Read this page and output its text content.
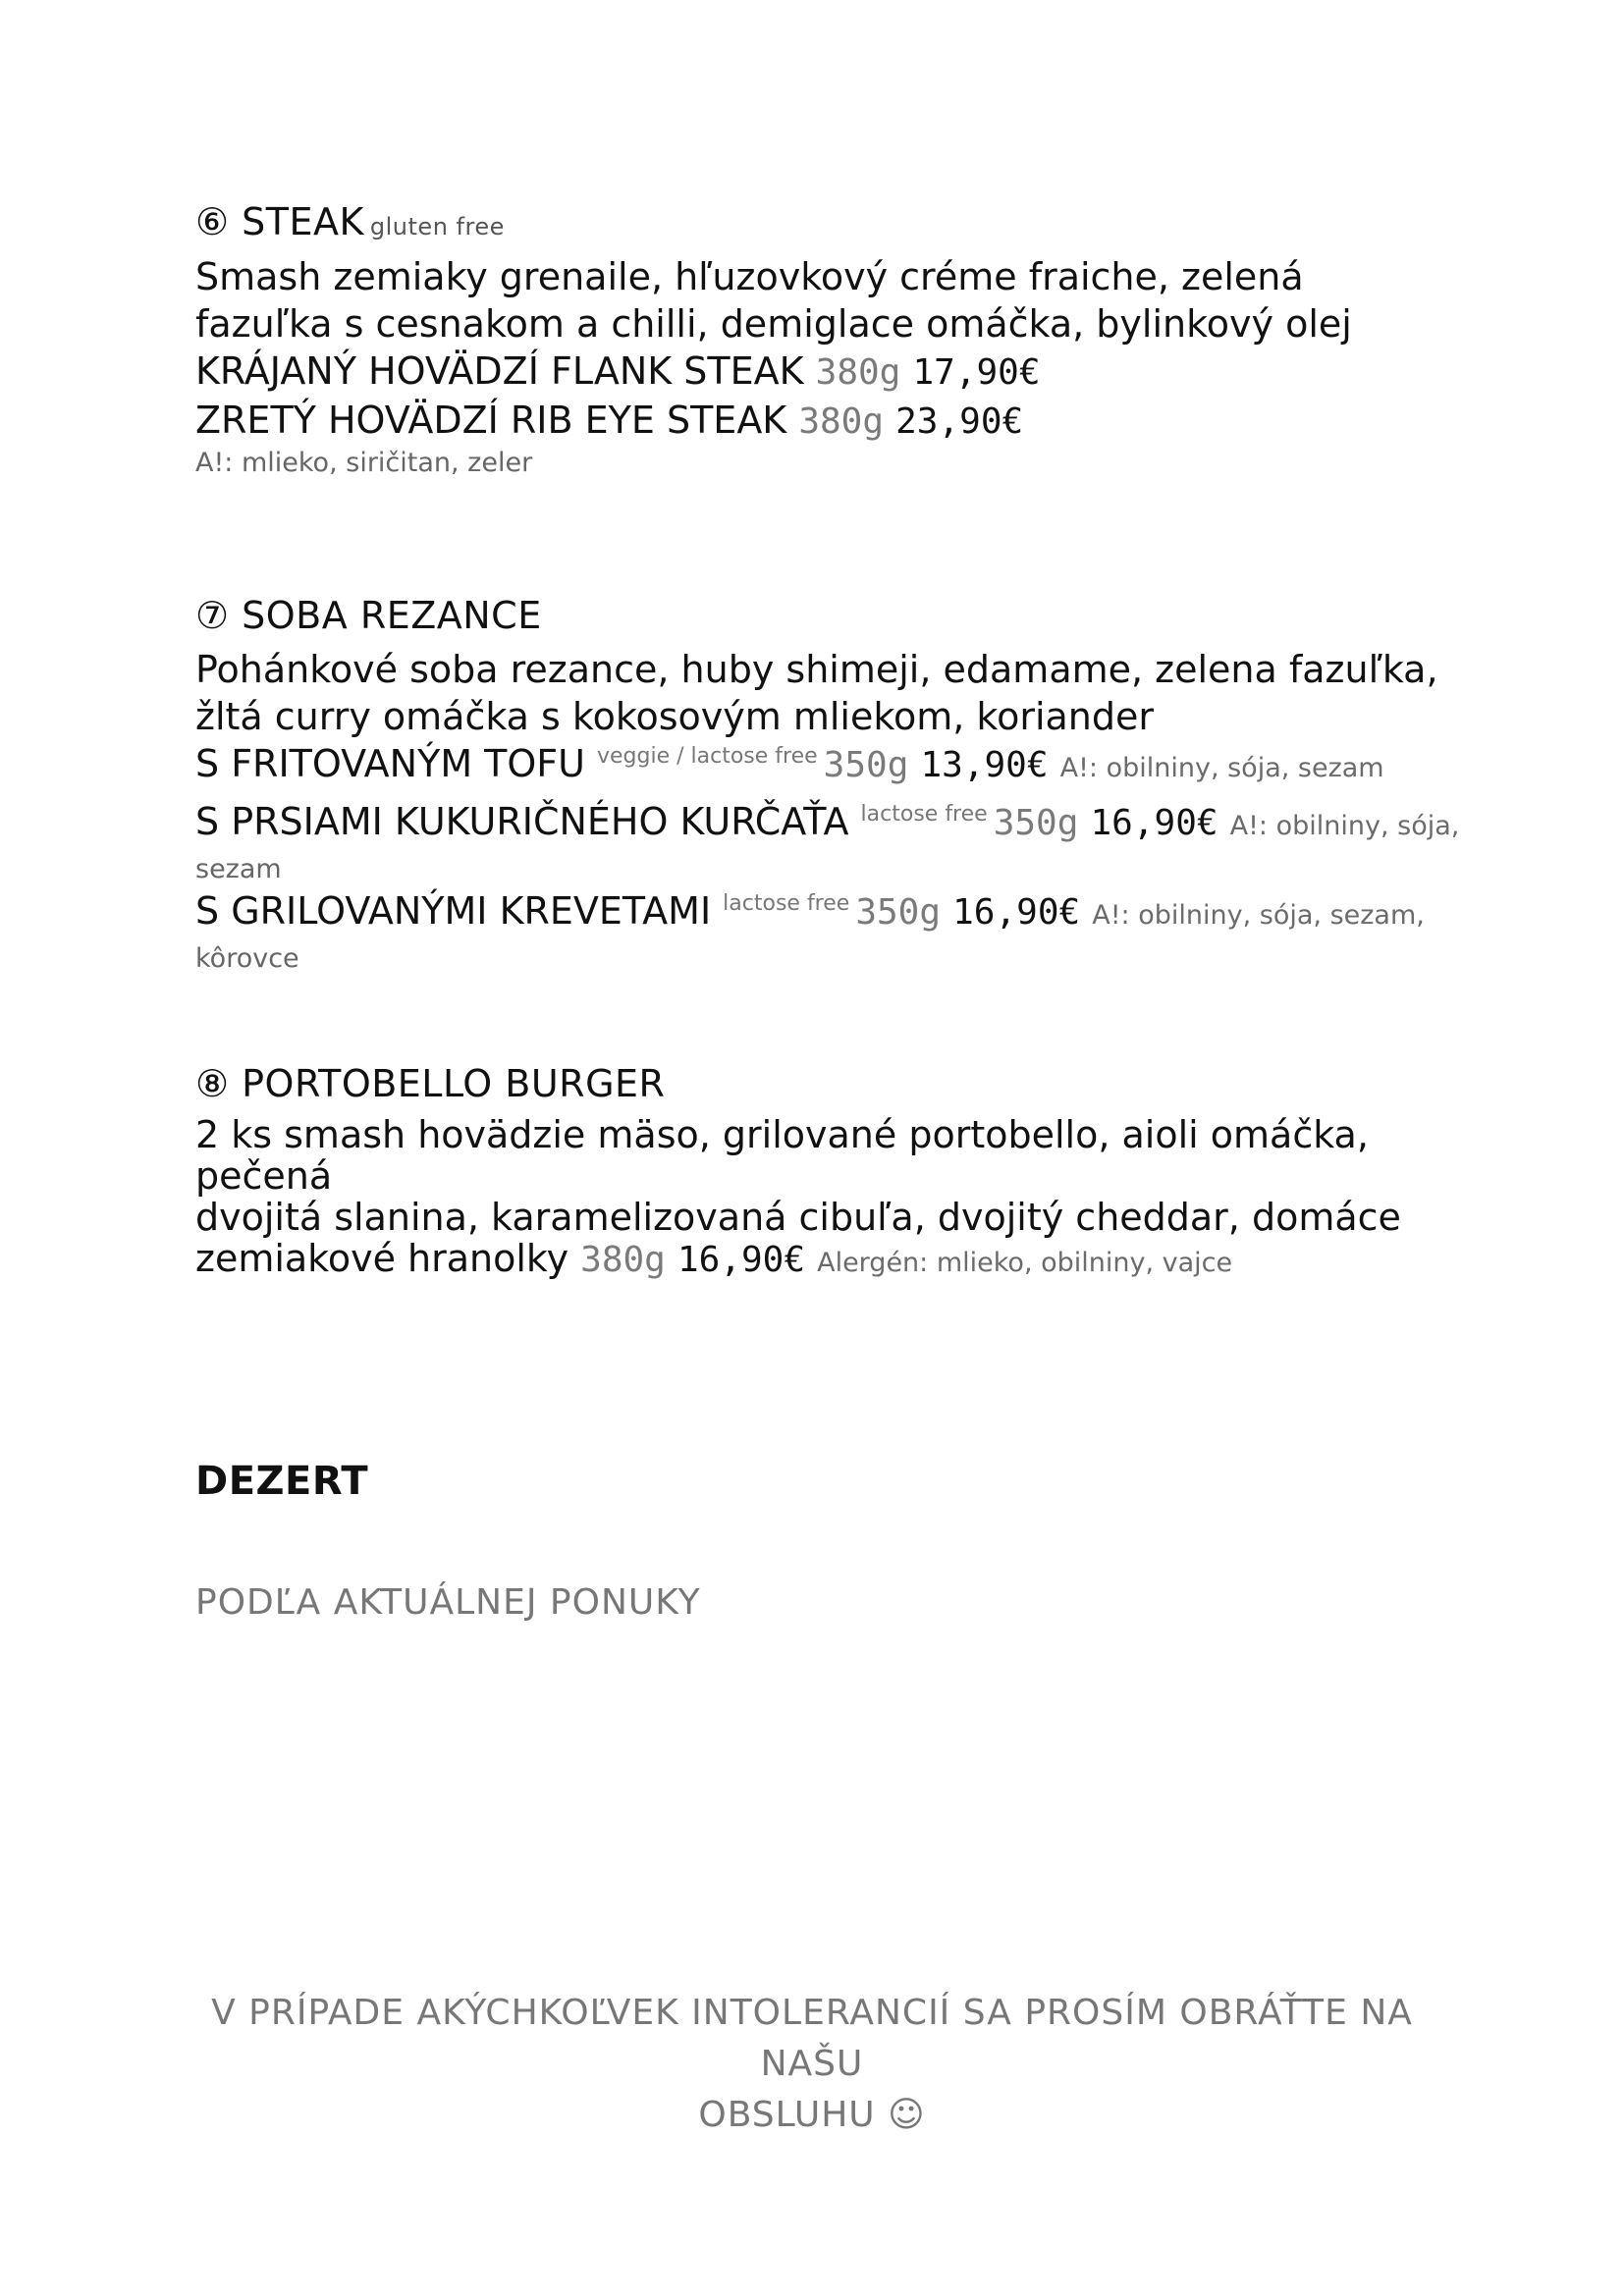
⑥ STEAK gluten free
Smash zemiaky grenaile, hľuzovkový créme fraiche, zelená fazuľka s cesnakom a chilli, demiglace omáčka, bylinkový olej
KRÁJANÝ HOVÄDZÍ FLANK STEAK 380g 17,90€
ZRETÝ HOVÄDZÍ RIB EYE STEAK 380g 23,90€
A!: mlieko, siričitan, zeler
⑦ SOBA REZANCE
Pohánkové soba rezance, huby shimeji, edamame, zelena fazuľka, žltá curry omáčka s kokosovým mliekom, koriander
S FRITOVANÝM TOFU $^{veggie / lactose free}$ 350g 13,90€ A!: obilniny, sója, sezam
S PRSIAMI KUKURIČNÉHO KURČAŤA $^{lactose free}$ 350g 16,90€ A!: obilniny, sója,
sezam
S GRILOVANÝMI KREVETAMI $^{lactose free}$ 350g 16,90€ A!: obilniny, sója, sezam,
kôrovce
⑧ PORTOBELLO BURGER
2 ks smash hovädzie mäso, grilované portobello, aioli omáčka, pečená
dvojitá slanina, karamelizovaná cibuľa, dvojitý cheddar, domáce
zemiakové hranolky 380g 16,90€ Alergén: mlieko, obilniny, vajce
DEZERT
PODĽA AKTUÁLNEJ PONUKY
V PRÍPADE AKÝCHKOĽVEK INTOLERANCIÍ SA PROSÍM OBRÁŤTE NA NAŠU
OBSLUHU ☺
